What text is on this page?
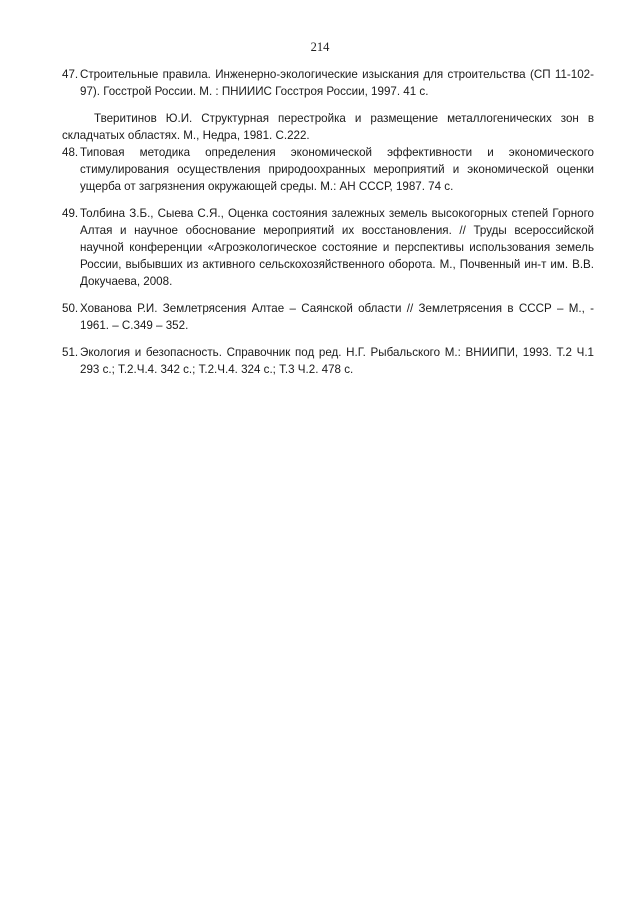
214
47. Строительные правила. Инженерно-экологические изыскания для строительства (СП 11-102-97). Госстрой России. М. : ПНИИИС Госстроя России, 1997. 41 с.
Тверитинов Ю.И. Структурная перестройка и размещение металлогенических зон в складчатых областях. М., Недра, 1981. С.222.
48. Типовая методика определения экономической эффективности и экономического стимулирования осуществления природоохранных мероприятий и экономической оценки ущерба от загрязнения окружающей среды. М.: АН СССР, 1987. 74 с.
49. Толбина З.Б., Сыева С.Я., Оценка состояния залежных земель высокогорных степей Горного Алтая и научное обоснование мероприятий их восстановления. // Труды всероссийской научной конференции «Агроэкологическое состояние и перспективы использования земель России, выбывших из активного сельскохозяйственного оборота. М., Почвенный ин-т им. В.В. Докучаева, 2008.
50. Хованова Р.И. Землетрясения Алтае – Саянской области // Землетрясения в СССР – М., - 1961. – С.349 – 352.
51. Экология и безопасность. Справочник под ред. Н.Г. Рыбальского М.: ВНИИПИ, 1993. Т.2 Ч.1 293 с.; Т.2.Ч.4. 342 с.; Т.2.Ч.4. 324 с.; Т.3 Ч.2. 478 с.
